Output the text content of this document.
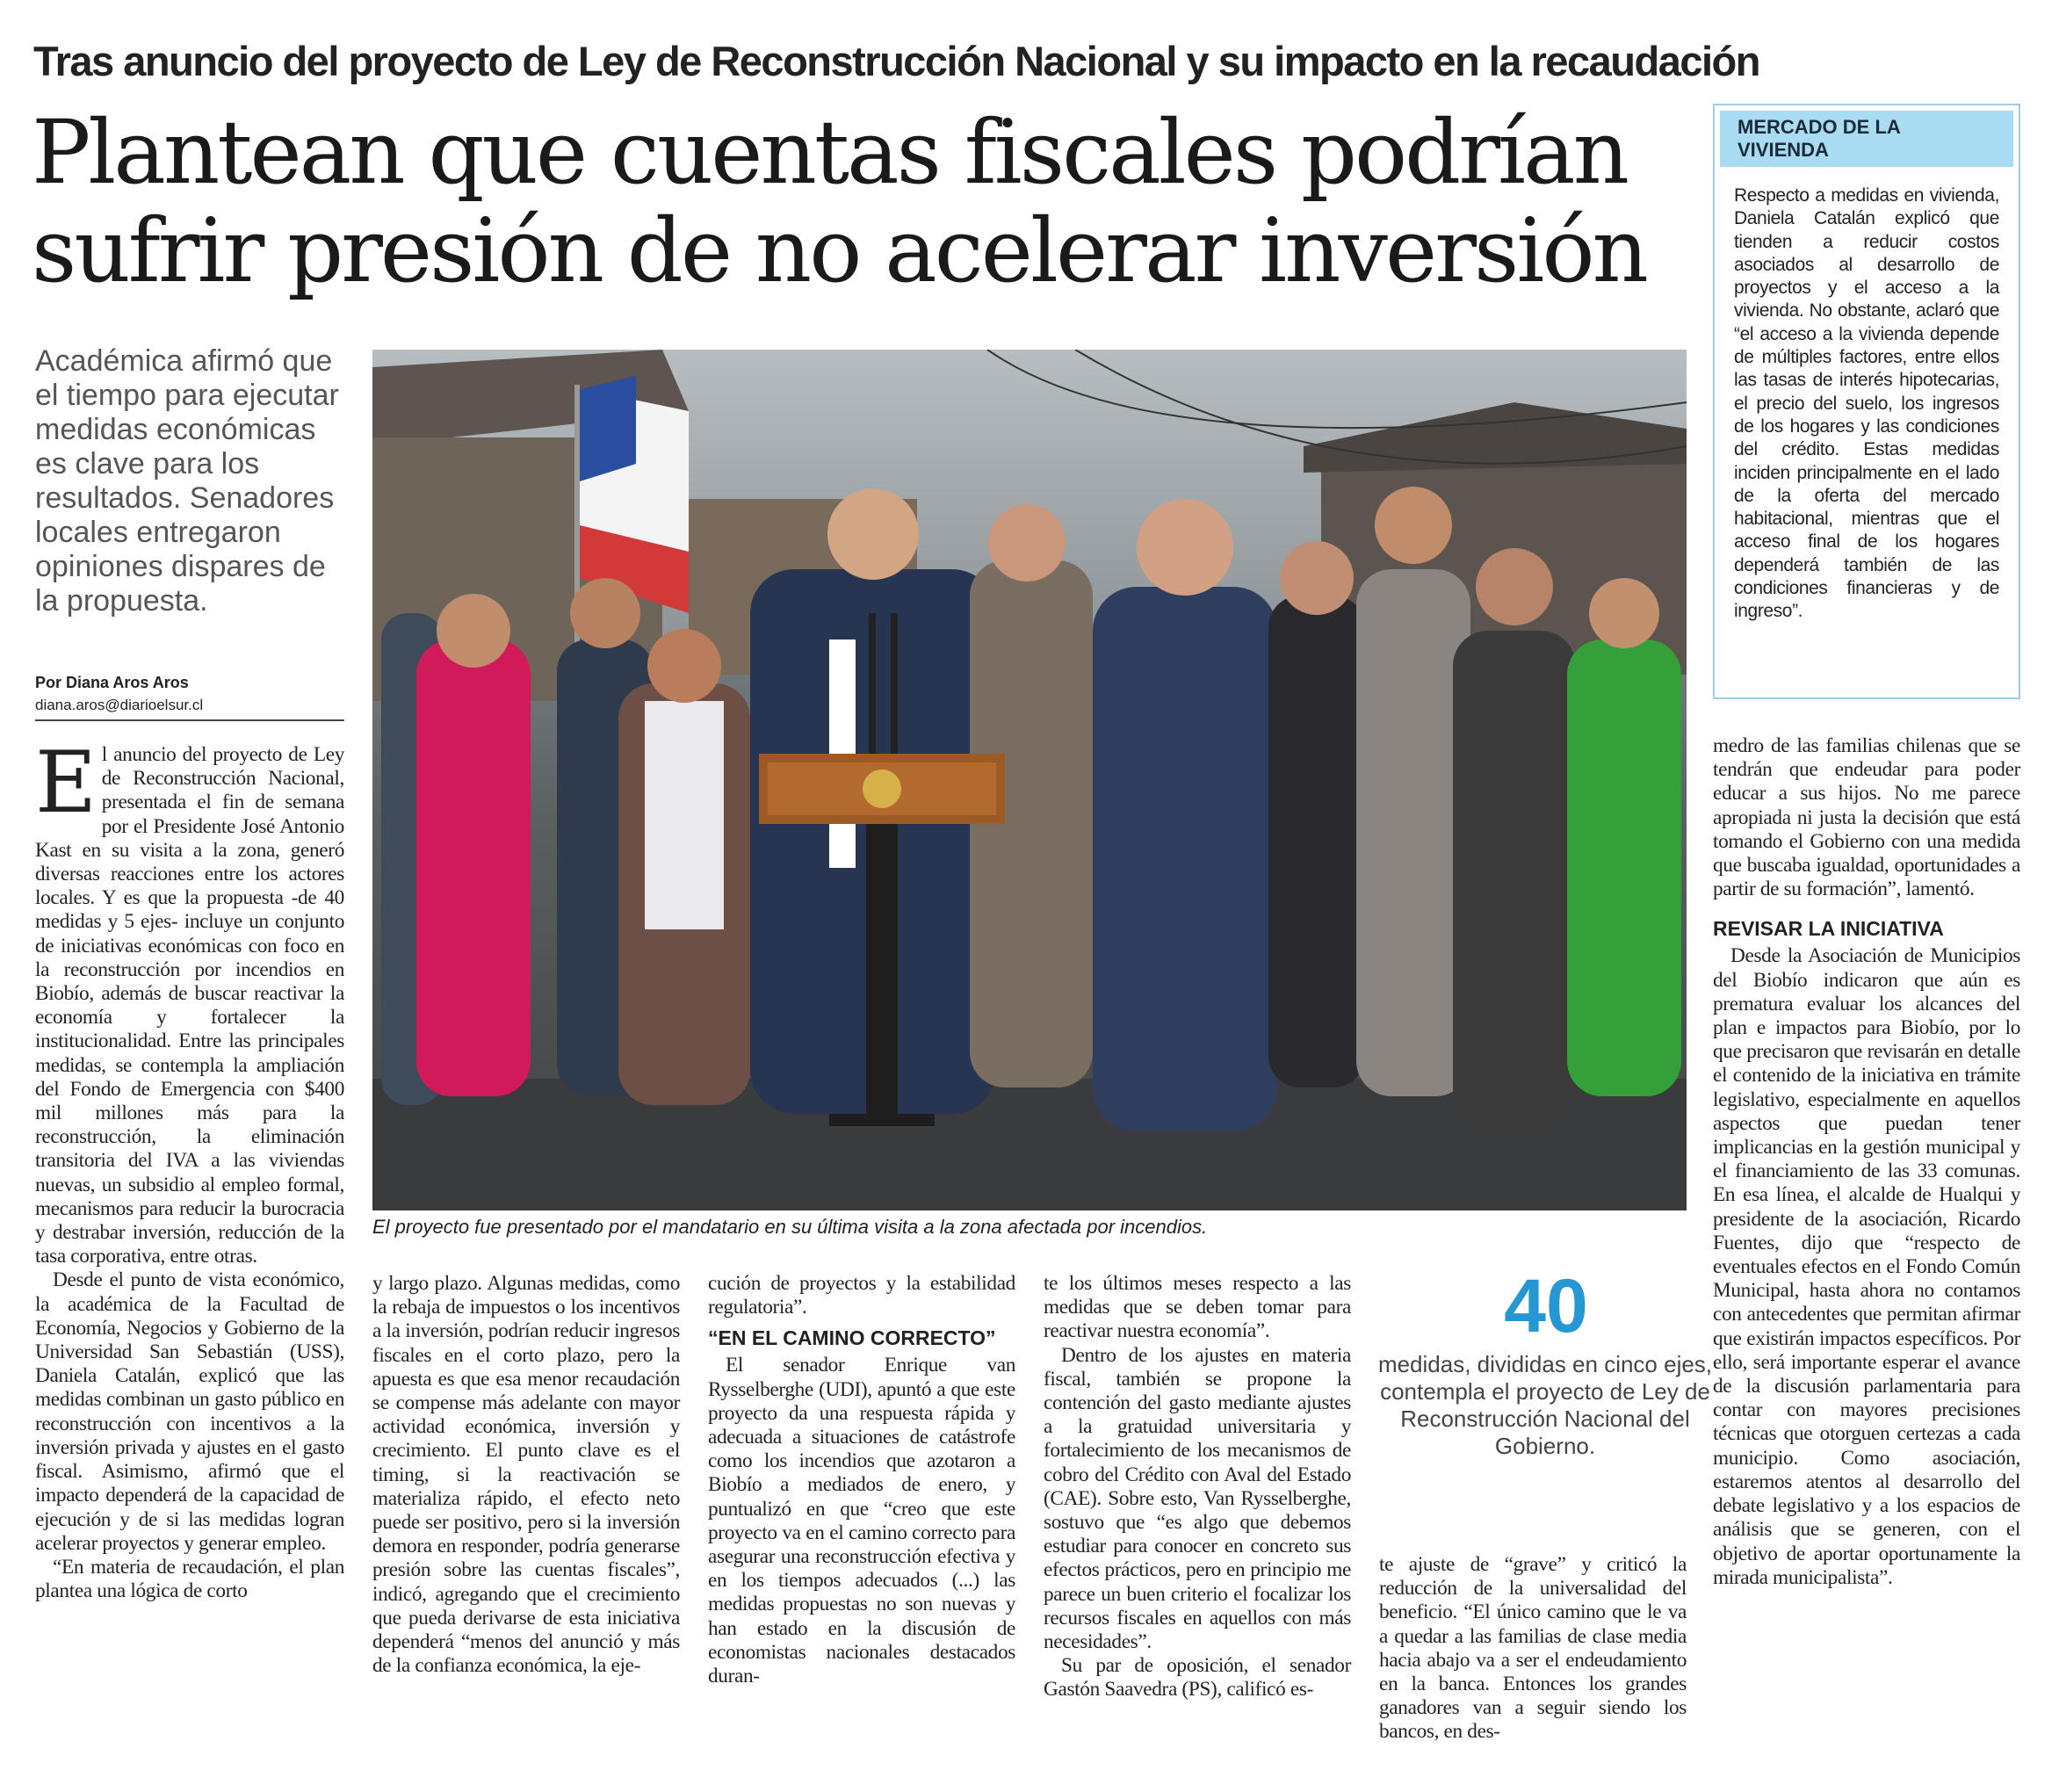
Tras anuncio del proyecto de Ley de Reconstrucción Nacional y su impacto en la recaudación
Plantean que cuentas fiscales podrían
sufrir presión de no acelerar inversión
Académica afirmó que el tiempo para ejecutar medidas económicas es clave para los resultados. Senadores locales entregaron opiniones dispares de la propuesta.
Por Diana Aros Aros
diana.aros@diarioelsur.cl

El anuncio del proyecto de Ley de Reconstrucción Nacional, presentada el fin de semana por el Presidente José Antonio Kast en su visita a la zona, generó diversas reacciones entre los actores locales. Y es que la propuesta -de 40 medidas y 5 ejes- incluye un conjunto de iniciativas económicas con foco en la reconstrucción por incendios en Biobío, además de buscar reactivar la economía y fortalecer la institucionalidad. Entre las principales medidas, se contempla la ampliación del Fondo de Emergencia con $400 mil millones más para la reconstrucción, la eliminación transitoria del IVA a las viviendas nuevas, un subsidio al empleo formal, mecanismos para reducir la burocracia y destrabar inversión, reducción de la tasa corporativa, entre otras.

Desde el punto de vista económico, la académica de la Facultad de Economía, Negocios y Gobierno de la Universidad San Sebastián (USS), Daniela Catalán, explicó que las medidas combinan un gasto público en reconstrucción con incentivos a la inversión privada y ajustes en el gasto fiscal. Asimismo, afirmó que el impacto dependerá de la capacidad de ejecución y de si las medidas logran acelerar proyectos y generar empleo.

“En materia de recaudación, el plan plantea una lógica de corto

El proyecto fue presentado por el mandatario en su última visita a la zona afectada por incendios.

y largo plazo. Algunas medidas, como la rebaja de impuestos o los incentivos a la inversión, podrían reducir ingresos fiscales en el corto plazo, pero la apuesta es que esa menor recaudación se compense más adelante con mayor actividad económica, inversión y crecimiento. El punto clave es el timing, si la reactivación se materializa rápido, el efecto neto puede ser positivo, pero si la inversión demora en responder, podría generarse presión sobre las cuentas fiscales”, indicó, agregando que el crecimiento que pueda derivarse de esta iniciativa dependerá “menos del anunció y más de la confianza económica, la eje-

cución de proyectos y la estabilidad regulatoria”.

“EN EL CAMINO CORRECTO”

El senador Enrique van Rysselberghe (UDI), apuntó a que este proyecto da una respuesta rápida y adecuada a situaciones de catástrofe como los incendios que azotaron a Biobío a mediados de enero, y puntualizó en que “creo que este proyecto va en el camino correcto para asegurar una reconstrucción efectiva y en los tiempos adecuados (...) las medidas propuestas no son nuevas y han estado en la discusión de economistas nacionales destacados duran-

te los últimos meses respecto a las medidas que se deben tomar para reactivar nuestra economía”.

Dentro de los ajustes en materia fiscal, también se propone la contención del gasto mediante ajustes a la gratuidad universitaria y fortalecimiento de los mecanismos de cobro del Crédito con Aval del Estado (CAE). Sobre esto, Van Rysselberghe, sostuvo que “es algo que debemos estudiar para conocer en concreto sus efectos prácticos, pero en principio me parece un buen criterio el focalizar los recursos fiscales en aquellos con más necesidades”.

Su par de oposición, el senador Gastón Saavedra (PS), calificó es-

40
medidas, divididas en cinco ejes, contempla el proyecto de Ley de Reconstrucción Nacional del Gobierno.

te ajuste de “grave” y criticó la reducción de la universalidad del beneficio. “El único camino que le va a quedar a las familias de clase media hacia abajo va a ser el endeudamiento en la banca. Entonces los grandes ganadores van a seguir siendo los bancos, en des-

MERCADO DE LA VIVIENDA
Respecto a medidas en vivienda, Daniela Catalán explicó que tienden a reducir costos asociados al desarrollo de proyectos y el acceso a la vivienda. No obstante, aclaró que “el acceso a la vivienda depende de múltiples factores, entre ellos las tasas de interés hipotecarias, el precio del suelo, los ingresos de los hogares y las condiciones del crédito. Estas medidas inciden principalmente en el lado de la oferta del mercado habitacional, mientras que el acceso final de los hogares dependerá también de las condiciones financieras y de ingreso”.

medro de las familias chilenas que se tendrán que endeudar para poder educar a sus hijos. No me parece apropiada ni justa la decisión que está tomando el Gobierno con una medida que buscaba igualdad, oportunidades a partir de su formación”, lamentó.

REVISAR LA INICIATIVA

Desde la Asociación de Municipios del Biobío indicaron que aún es prematura evaluar los alcances del plan e impactos para Biobío, por lo que precisaron que revisarán en detalle el contenido de la iniciativa en trámite legislativo, especialmente en aquellos aspectos que puedan tener implicancias en la gestión municipal y el financiamiento de las 33 comunas. En esa línea, el alcalde de Hualqui y presidente de la asociación, Ricardo Fuentes, dijo que “respecto de eventuales efectos en el Fondo Común Municipal, hasta ahora no contamos con antecedentes que permitan afirmar que existirán impactos específicos. Por ello, será importante esperar el avance de la discusión parlamentaria para contar con mayores precisiones técnicas que otorguen certezas a cada municipio. Como asociación, estaremos atentos al desarrollo del debate legislativo y a los espacios de análisis que se generen, con el objetivo de aportar oportunamente la mirada municipalista”.
